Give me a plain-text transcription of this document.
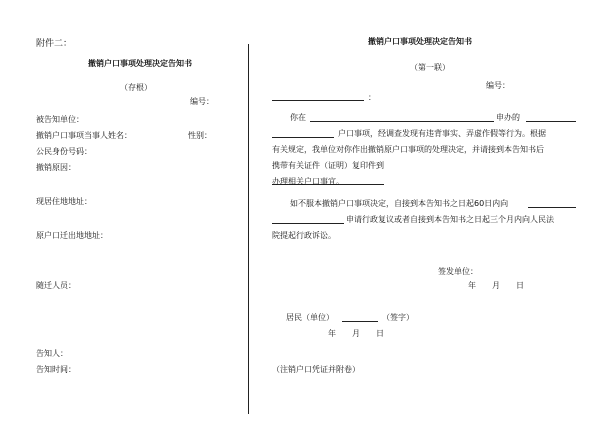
附件二：
撤销户口事项处理决定告知书
（存根）
编号：
被告知单位：
撤销户口事项当事人姓名：	性别：
公民身份号码：
撤销原因：
现居住地地址：
原户口迁出地地址：
随迁人员：
告知人：
告知时间：
撤销户口事项处理决定告知书
（第一联）
编号：
：
你在	申办的
户口事项，经调查发现有违背事实、弄虚作假等行为。根据
有关规定，我单位对你作出撤销原户口事项的处理决定，并请接到本告知书后
携带有关证件（证明）复印件到
办理相关户口事宜。
如不服本撤销户口事项决定，自接到本告知书之日起60日内向
申请行政复议或者自接到本告知书之日起三个月内向人民法
院提起行政诉讼。
签发单位：
年　　月　　日
居民（单位）	（签字）
年　　月　　日
（注销户口凭证并附卷）
